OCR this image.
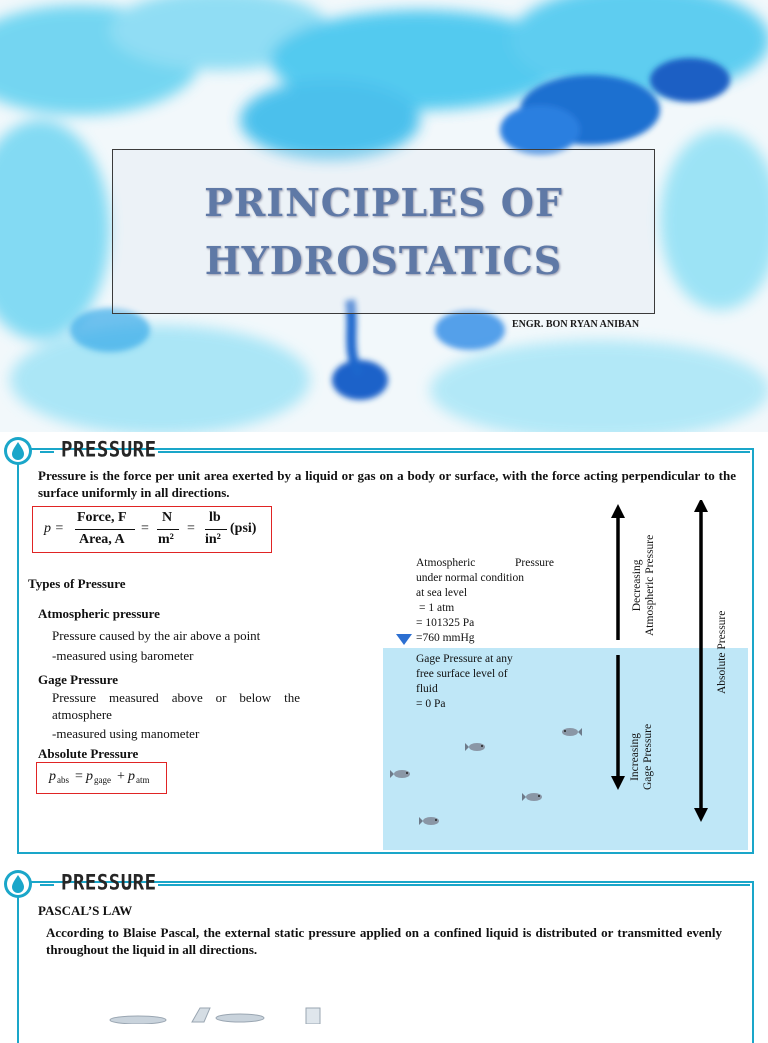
PRINCIPLES OF
HYDROSTATICS
ENGR. BON RYAN ANIBAN
PRESSURE
Pressure is the force per unit area exerted by a liquid or gas on a body or surface, with the force acting perpendicular to the surface uniformly in all directions.
p =
Force, F
Area, A
=
N
m²
=
lb
in²
(psi)
Types of Pressure
Atmospheric pressure
Pressure caused by the air above a point
-measured using barometer
Gage Pressure
Pressure measured above or below the atmosphere
-measured using manometer
Absolute Pressure
p abs = p gage + p atm
Atmospheric Pressure
under normal condition
at sea level
= 1 atm
= 101325 Pa
=760 mmHg
Gage Pressure at any
free surface level of
fluid
= 0 Pa
Decreasing Atmospheric Pressure
Increasing Gage Pressure
Absolute Pressure
PRESSURE
PASCAL’S LAW
According to Blaise Pascal, the external static pressure applied on a confined liquid is distributed or transmitted evenly throughout the liquid in all directions.
